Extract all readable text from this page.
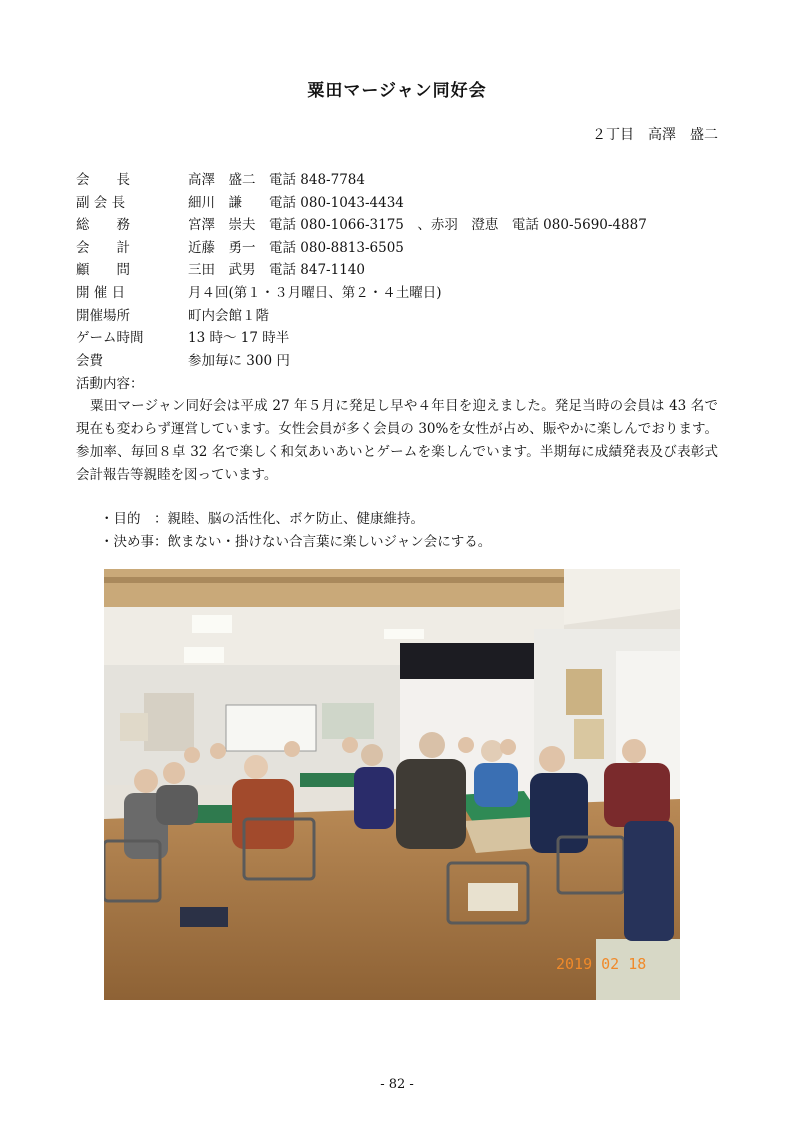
粟田マージャン同好会
２丁目　高澤　盛二
会　　長	高澤　盛二　電話 848-7784
副 会 長	細川　謙　　電話 080-1043-4434
総　　務	宮澤　崇夫　電話 080-1066-3175　、赤羽　澄恵　電話 080-5690-4887
会　　計	近藤　勇一　電話 080-8813-6505
顧　　問	三田　武男　電話 847-1140
開 催 日	月４回(第１・３月曜日、第２・４土曜日)
開催場所	町内会館１階
ゲーム時間	13 時～ 17 時半
会費	参加毎に 300 円
活動内容：
粟田マージャン同好会は平成 27 年５月に発足し早や４年目を迎えました。発足当時の会員は 43 名で現在も変わらず運営しています。女性会員が多く会員の 30%を女性が占め、賑やかに楽しんでおります。参加率、毎回８卓 32 名で楽しく和気あいあいとゲームを楽しんでいます。半期毎に成績発表及び表彰式会計報告等親睦を図っています。
・目的　：親睦、脳の活性化、ボケ防止、健康維持。
・決め事：飲まない・掛けない合言葉に楽しいジャン会にする。
2019 02 18
- 82 -
